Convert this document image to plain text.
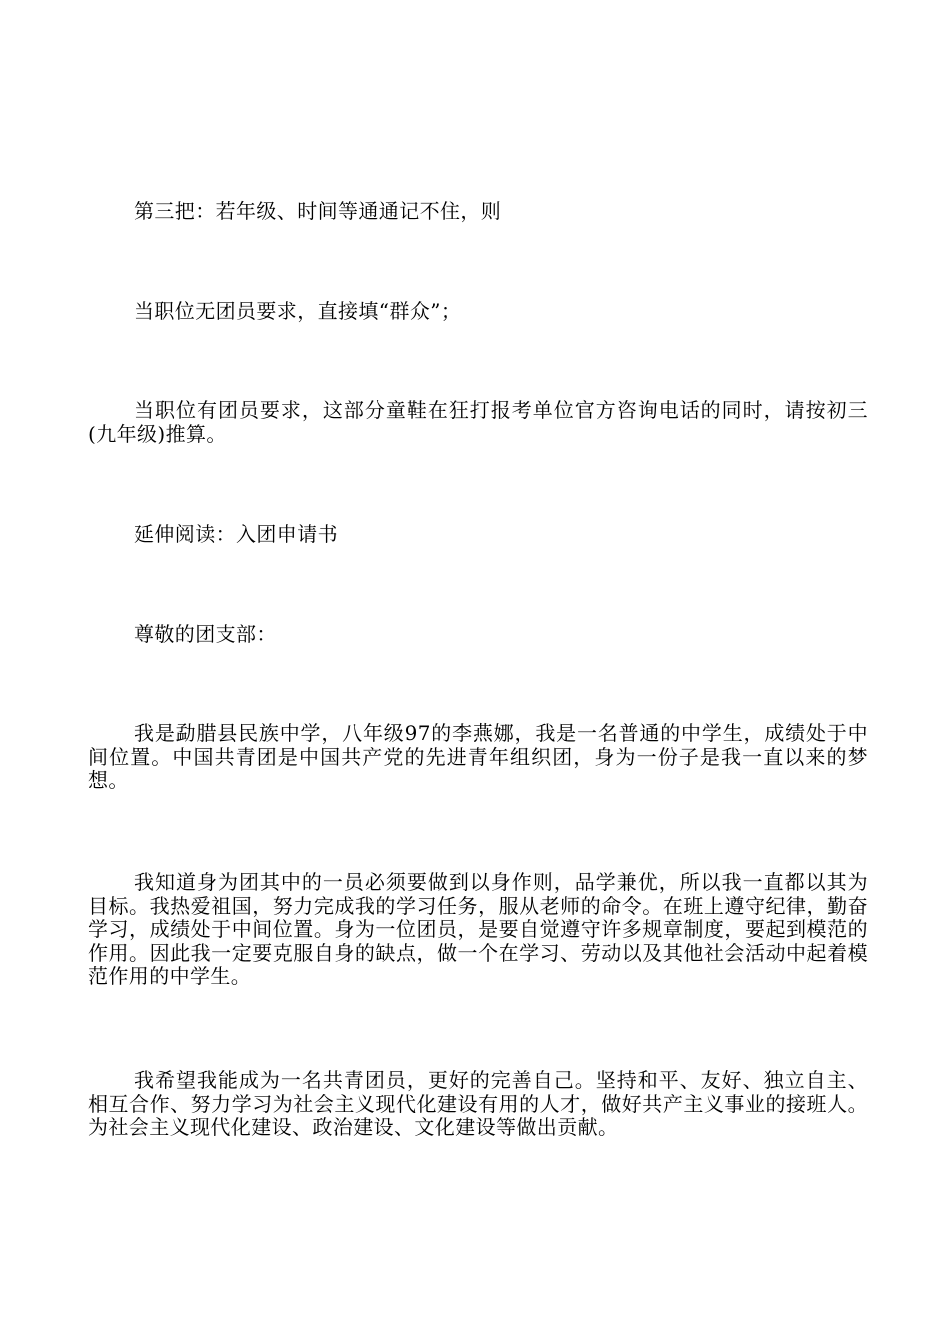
第三把：若年级、时间等通通记不住，则

当职位无团员要求，直接填“群众”；

当职位有团员要求，这部分童鞋在狂打报考单位官方咨询电话的同时，请按初三(九年级)推算。

延伸阅读：入团申请书

尊敬的团支部：

我是勐腊县民族中学，八年级97的李燕娜，我是一名普通的中学生，成绩处于中间位置。中国共青团是中国共产党的先进青年组织团，身为一份子是我一直以来的梦想。

我知道身为团其中的一员必须要做到以身作则，品学兼优，所以我一直都以其为目标。我热爱祖国，努力完成我的学习任务，服从老师的命令。在班上遵守纪律，勤奋学习，成绩处于中间位置。身为一位团员，是要自觉遵守许多规章制度，要起到模范的作用。因此我一定要克服自身的缺点，做一个在学习、劳动以及其他社会活动中起着模范作用的中学生。

我希望我能成为一名共青团员，更好的完善自己。坚持和平、友好、独立自主、相互合作、努力学习为社会主义现代化建设有用的人才，做好共产主义事业的接班人。为社会主义现代化建设、政治建设、文化建设等做出贡献。
